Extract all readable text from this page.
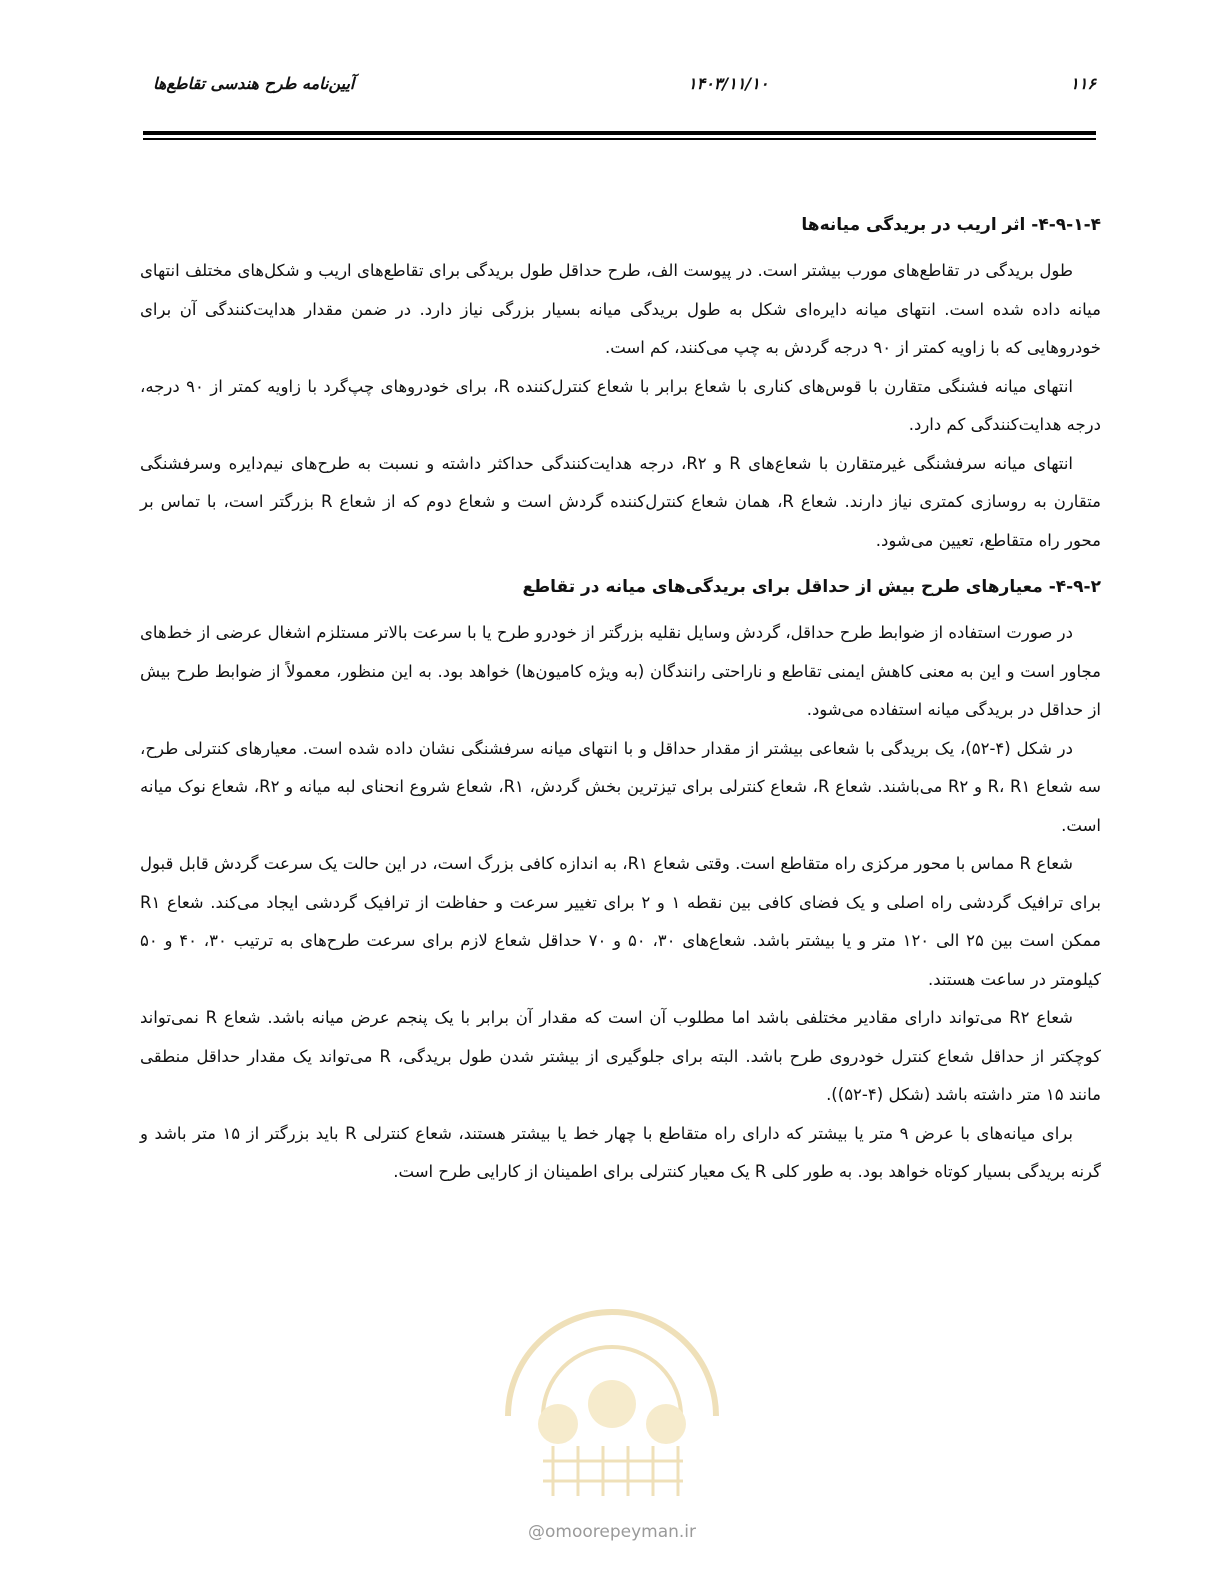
آیین‌نامه طرح هندسی تقاطع‌ها	۱۴۰۳/۱۱/۱۰	۱۱۶
۴-۹-۱-۴- اثر اریب در بریدگی میانه‌ها

طول بریدگی در تقاطع‌های مورب بیشتر است. در پیوست الف، طرح حداقل طول بریدگی برای تقاطع‌های اریب و شکل‌های مختلف انتهای میانه داده شده است. انتهای میانه دایره‌ای شکل به طول بریدگی میانه بسیار بزرگی نیاز دارد. در ضمن مقدار هدایت‌کنندگی آن برای خودروهایی که با زاویه کمتر از ۹۰ درجه گردش به چپ می‌کنند، کم است.

انتهای میانه فشنگی متقارن با قوس‌های کناری با شعاع برابر با شعاع کنترل‌کننده R، برای خودروهای چپ‌گرد با زاویه کمتر از ۹۰ درجه، درجه هدایت‌کنندگی کم دارد.

انتهای میانه سرفشنگی غیرمتقارن با شعاع‌های R و R۲، درجه هدایت‌کنندگی حداکثر داشته و نسبت به طرح‌های نیم‌دایره وسرفشنگی متقارن به روسازی کمتری نیاز دارند. شعاع R، همان شعاع کنترل‌کننده گردش است و شعاع دوم که از شعاع R بزرگتر است، با تماس بر محور راه متقاطع، تعیین می‌شود.

۴-۹-۲- معیارهای طرح بیش از حداقل برای بریدگی‌های میانه در تقاطع

در صورت استفاده از ضوابط طرح حداقل، گردش وسایل نقلیه بزرگتر از خودرو طرح یا با سرعت بالاتر مستلزم اشغال عرضی از خط‌های مجاور است و این به معنی کاهش ایمنی تقاطع و ناراحتی رانندگان (به ویژه کامیون‌ها) خواهد بود. به این منظور، معمولاً از ضوابط طرح بیش از حداقل در بریدگی میانه استفاده می‌شود.

در شکل (۴-۵۲)، یک بریدگی با شعاعی بیشتر از مقدار حداقل و با انتهای میانه سرفشنگی نشان داده شده است. معیارهای کنترلی طرح، سه شعاع R، R۱ و R۲ می‌باشند. شعاع R، شعاع کنترلی برای تیزترین بخش گردش، R۱، شعاع شروع انحنای لبه میانه و R۲، شعاع نوک میانه است.

شعاع R مماس با محور مرکزی راه متقاطع است. وقتی شعاع R۱، به اندازه کافی بزرگ است، در این حالت یک سرعت گردش قابل قبول برای ترافیک گردشی راه اصلی و یک فضای کافی بین نقطه ۱ و ۲ برای تغییر سرعت و حفاظت از ترافیک گردشی ایجاد می‌کند. شعاع R۱ ممکن است بین ۲۵ الی ۱۲۰ متر و یا بیشتر باشد. شعاع‌های ۳۰، ۵۰ و ۷۰ حداقل شعاع لازم برای سرعت طرح‌های به ترتیب ۳۰، ۴۰ و ۵۰ کیلومتر در ساعت هستند.

شعاع R۲ می‌تواند دارای مقادیر مختلفی باشد اما مطلوب آن است که مقدار آن برابر با یک پنجم عرض میانه باشد. شعاع R نمی‌تواند کوچکتر از حداقل شعاع کنترل خودروی طرح باشد. البته برای جلوگیری از بیشتر شدن طول بریدگی، R می‌تواند یک مقدار حداقل منطقی مانند ۱۵ متر داشته باشد (شکل (۴-۵۲)).

برای میانه‌های با عرض ۹ متر یا بیشتر که دارای راه متقاطع با چهار خط یا بیشتر هستند، شعاع کنترلی R باید بزرگتر از ۱۵ متر باشد و گرنه بریدگی بسیار کوتاه خواهد بود. به طور کلی R یک معیار کنترلی برای اطمینان از کارایی طرح است.

@omoorepeyman.ir
